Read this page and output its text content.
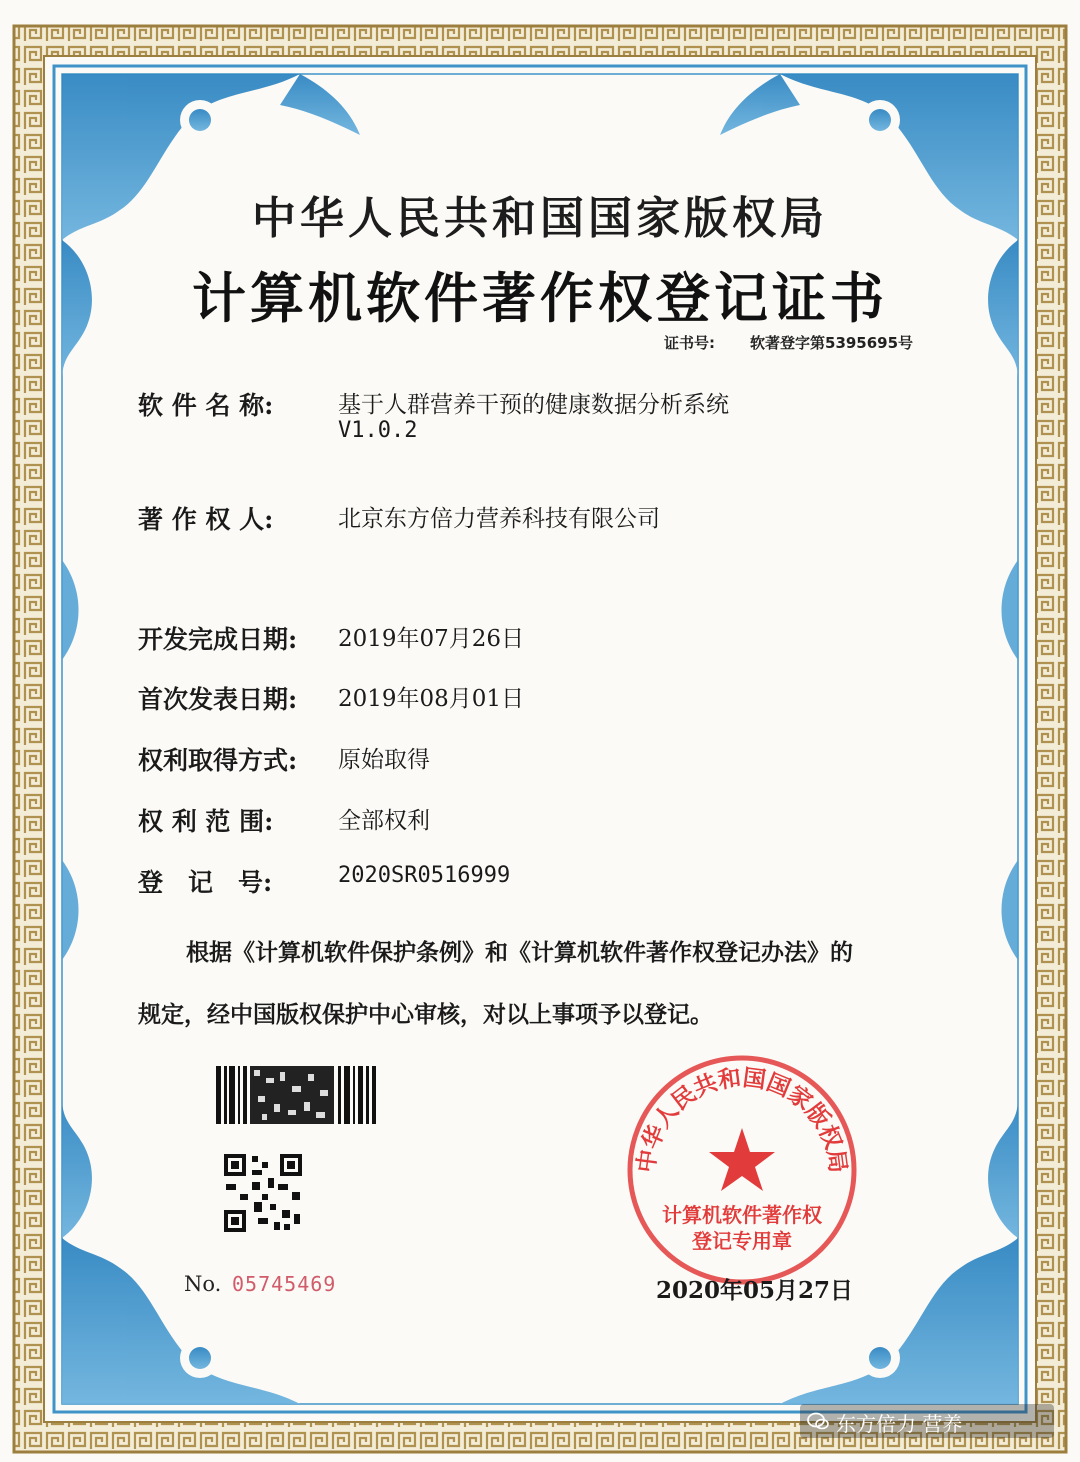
中华人民共和国国家版权局
计算机软件著作权登记证书
证书号: 软著登字第5395695号
软 件 名 称:	基于人群营养干预的健康数据分析系统
V1.0.2
著 作 权 人:	北京东方倍力营养科技有限公司
开发完成日期: 2019年07月26日
首次发表日期: 2019年08月01日
权利取得方式: 原始取得
权 利 范 围:	全部权利
登　记　号:	2020SR0516999
根据《计算机软件保护条例》和《计算机软件著作权登记办法》的
规定，经中国版权保护中心审核，对以上事项予以登记。
No. 05745469
中华人民共和国国家版权局
计算机软件著作权
登记专用章
2020年05月27日
东方倍力 营养
